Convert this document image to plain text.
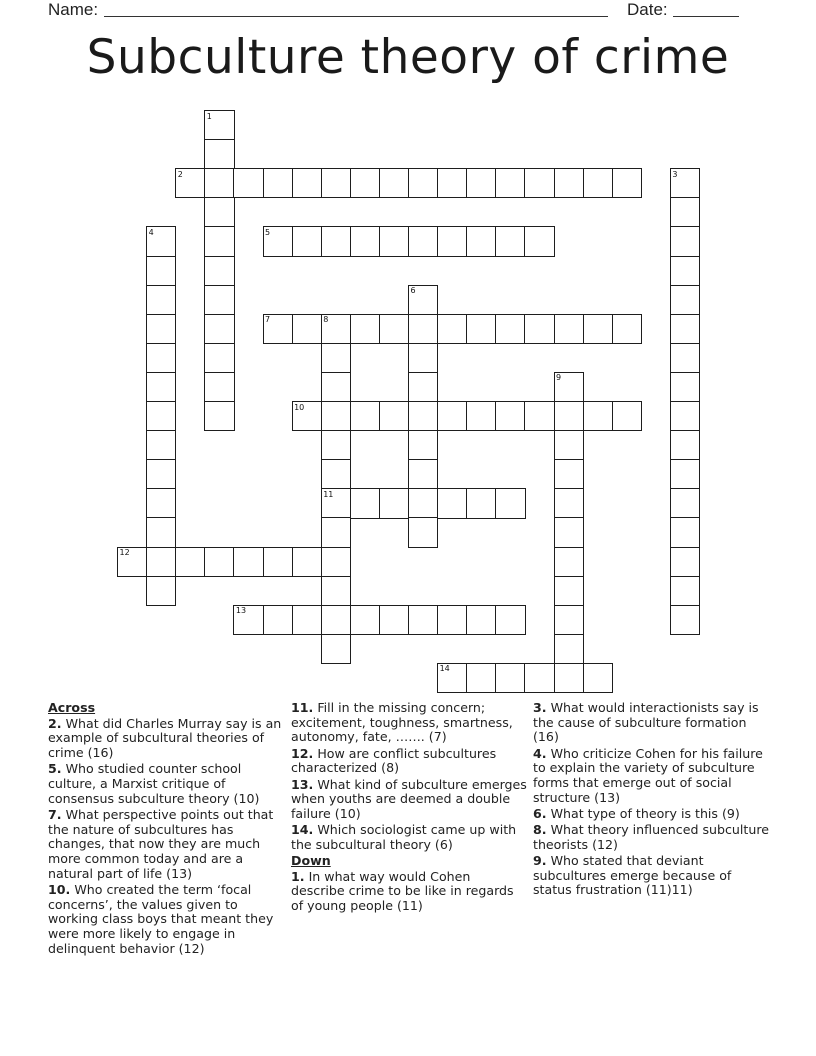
Name:	Date:
Subculture theory of crime
1
2	3
4	5
6
7	8
9
10
11
12
13
14
Across
2. What did Charles Murray say is an example of subcultural theories of crime (16)
5. Who studied counter school culture, a Marxist critique of consensus subculture theory (10)
7. What perspective points out that the nature of subcultures has changes, that now they are much more common today and are a natural part of life (13)
10. Who created the term ‘focal concerns’, the values given to working class boys that meant they were more likely to engage in delinquent behavior (12)
11. Fill in the missing concern; excitement, toughness, smartness, autonomy, fate, ……. (7)
12. How are conflict subcultures characterized (8)
13. What kind of subculture emerges when youths are deemed a double failure (10)
14. Which sociologist came up with the subcultural theory (6)
Down
1. In what way would Cohen describe crime to be like in regards of young people (11)
3. What would interactionists say is the cause of subculture formation (16)
4. Who criticize Cohen for his failure to explain the variety of subculture forms that emerge out of social structure (13)
6. What type of theory is this (9)
8. What theory influenced subculture theorists (12)
9. Who stated that deviant subcultures emerge because of status frustration (11)11)
